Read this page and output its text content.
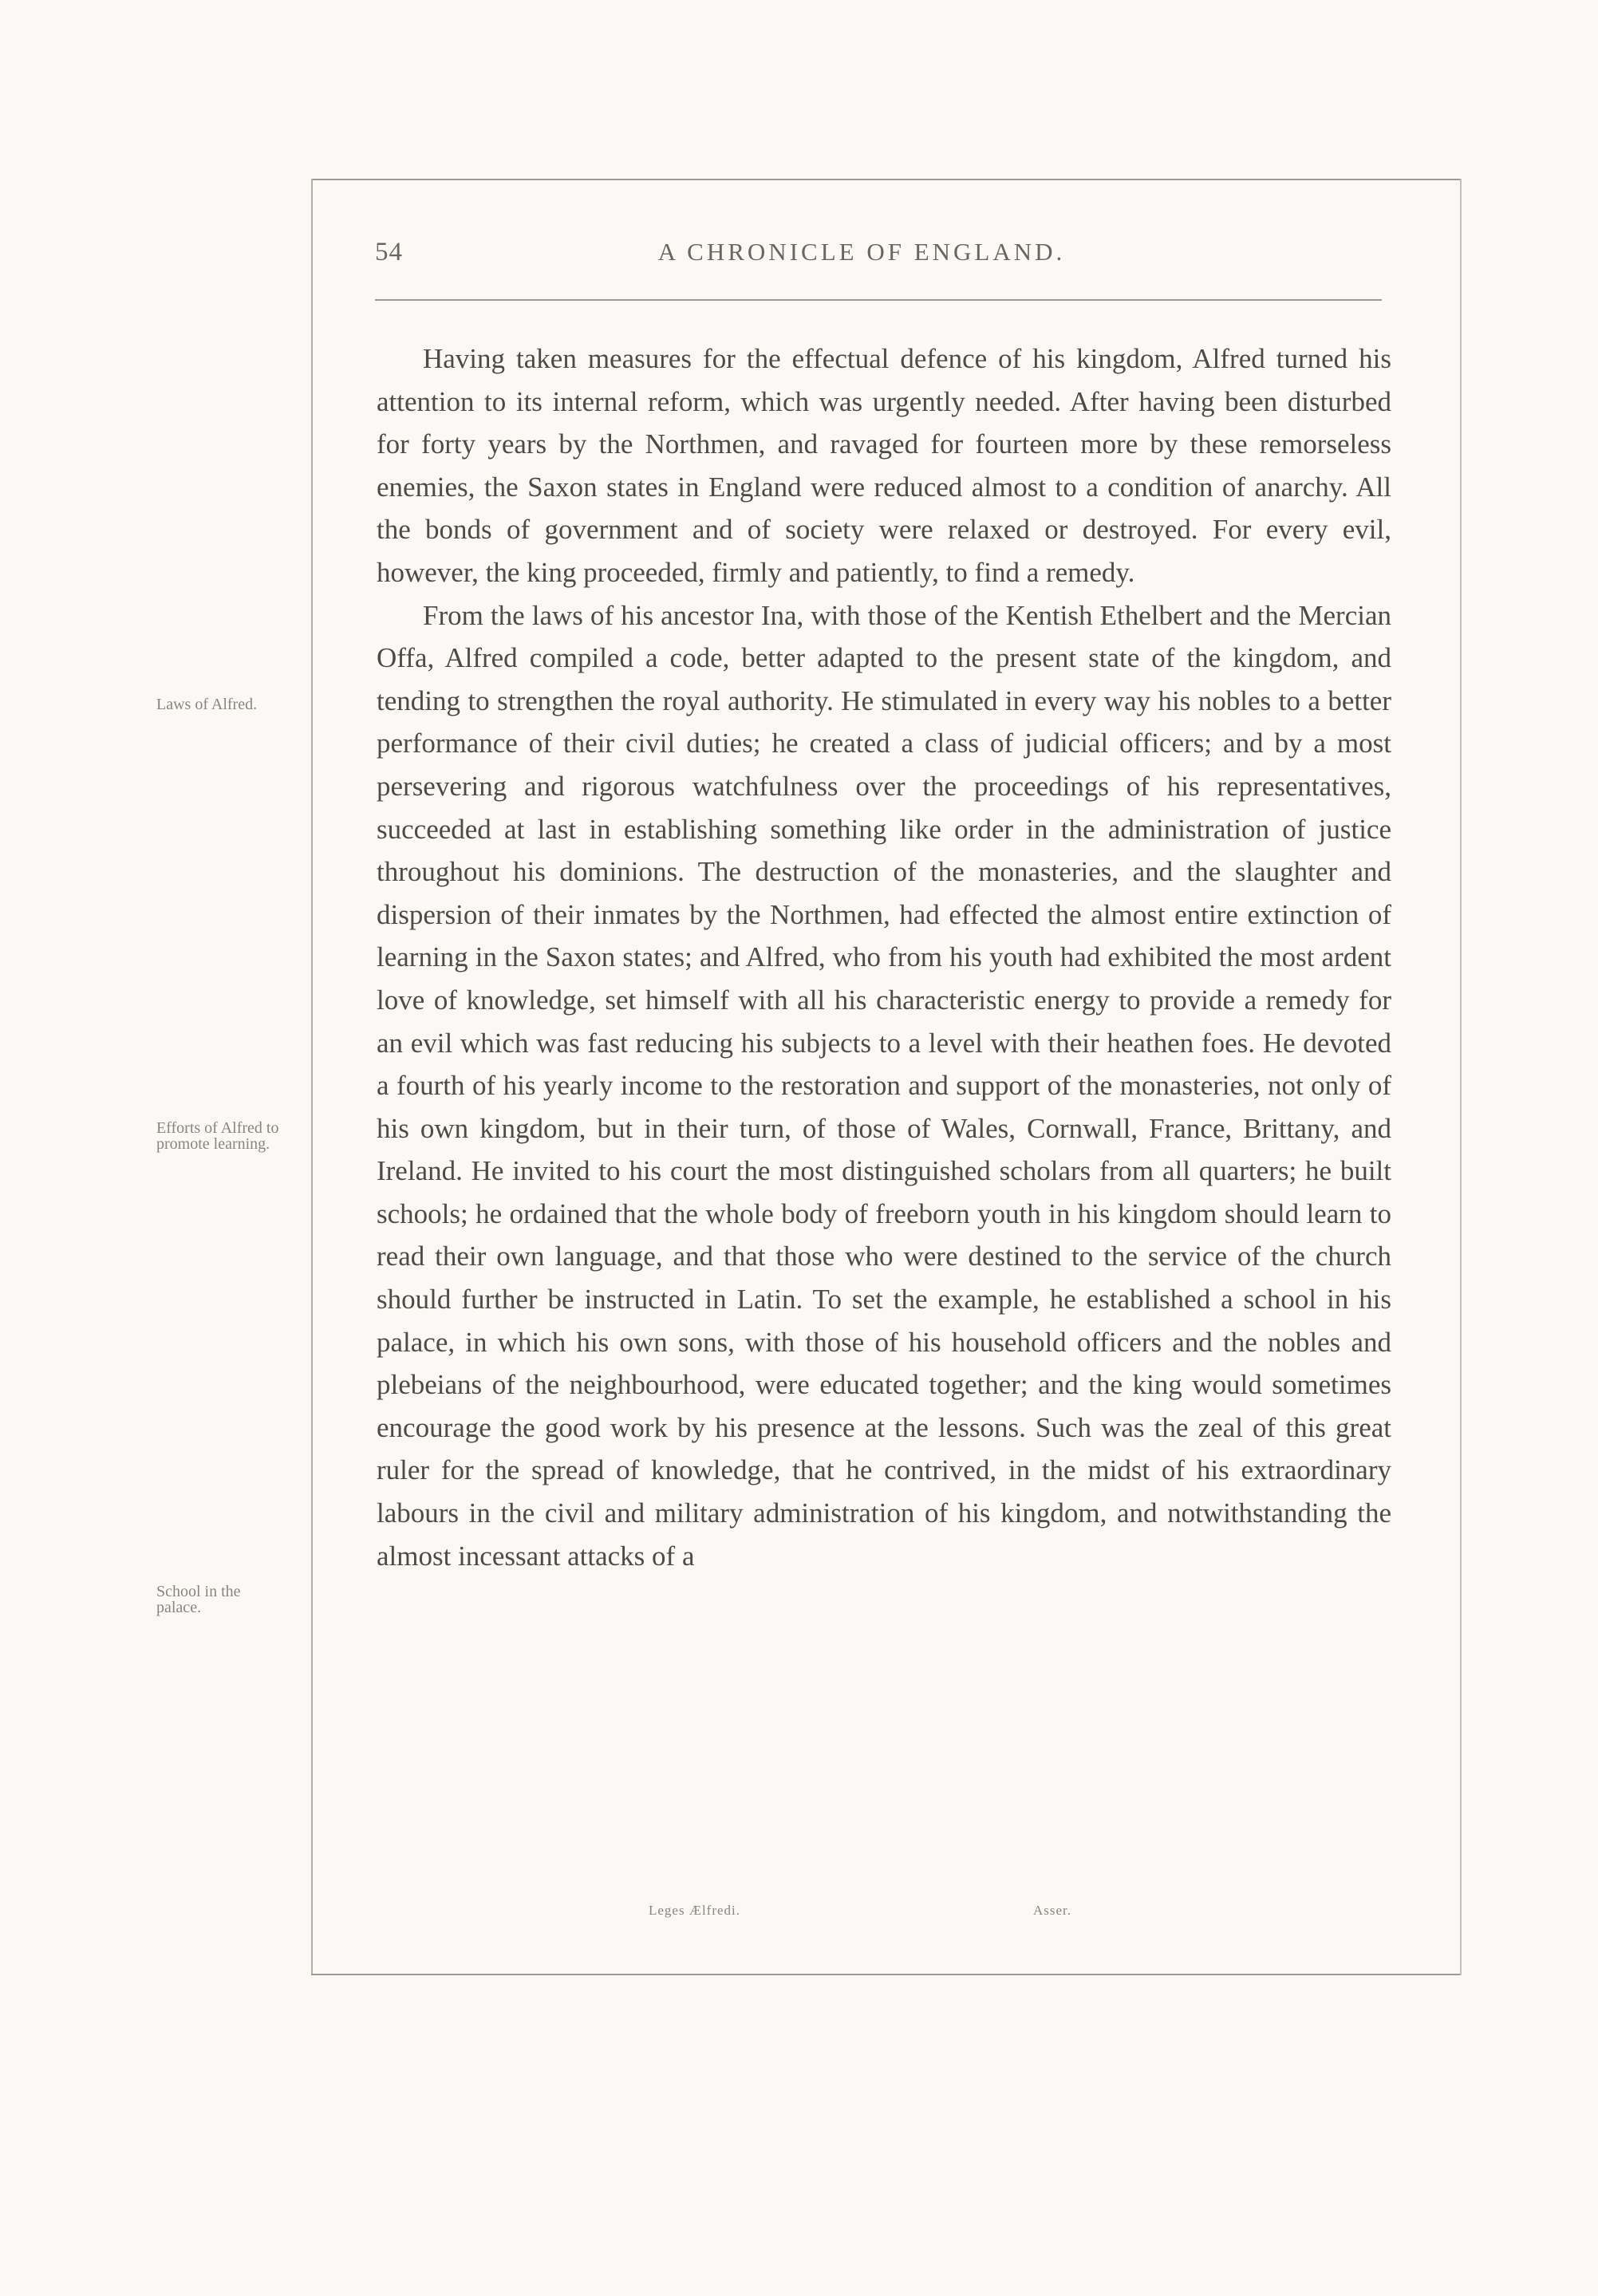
54	A CHRONICLE OF ENGLAND.
Laws of Alfred.
Efforts of Alfred to promote learning.
School in the palace.

Having taken measures for the effectual defence of his kingdom, Alfred turned his attention to its internal reform, which was urgently needed. After having been disturbed for forty years by the Northmen, and ravaged for fourteen more by these remorseless enemies, the Saxon states in England were reduced almost to a condition of anarchy. All the bonds of government and of society were relaxed or destroyed. For every evil, however, the king proceeded, firmly and patiently, to find a remedy.

From the laws of his ancestor Ina, with those of the Kentish Ethelbert and the Mercian Offa, Alfred compiled a code, better adapted to the present state of the kingdom, and tending to strengthen the royal authority. He stimulated in every way his nobles to a better performance of their civil duties; he created a class of judicial officers; and by a most persevering and rigorous watchfulness over the proceedings of his representatives, succeeded at last in establishing something like order in the administration of justice throughout his dominions. The destruction of the monasteries, and the slaughter and dispersion of their inmates by the Northmen, had effected the almost entire extinction of learning in the Saxon states; and Alfred, who from his youth had exhibited the most ardent love of knowledge, set himself with all his characteristic energy to provide a remedy for an evil which was fast reducing his subjects to a level with their heathen foes. He devoted a fourth of his yearly income to the restoration and support of the monasteries, not only of his own kingdom, but in their turn, of those of Wales, Cornwall, France, Brittany, and Ireland. He invited to his court the most distinguished scholars from all quarters; he built schools; he ordained that the whole body of freeborn youth in his kingdom should learn to read their own language, and that those who were destined to the service of the church should further be instructed in Latin. To set the example, he established a school in his palace, in which his own sons, with those of his household officers and the nobles and plebeians of the neighbourhood, were educated together; and the king would sometimes encourage the good work by his presence at the lessons. Such was the zeal of this great ruler for the spread of knowledge, that he contrived, in the midst of his extraordinary labours in the civil and military administration of his kingdom, and notwithstanding the almost incessant attacks of a

Leges Ælfredi.	Asser.
